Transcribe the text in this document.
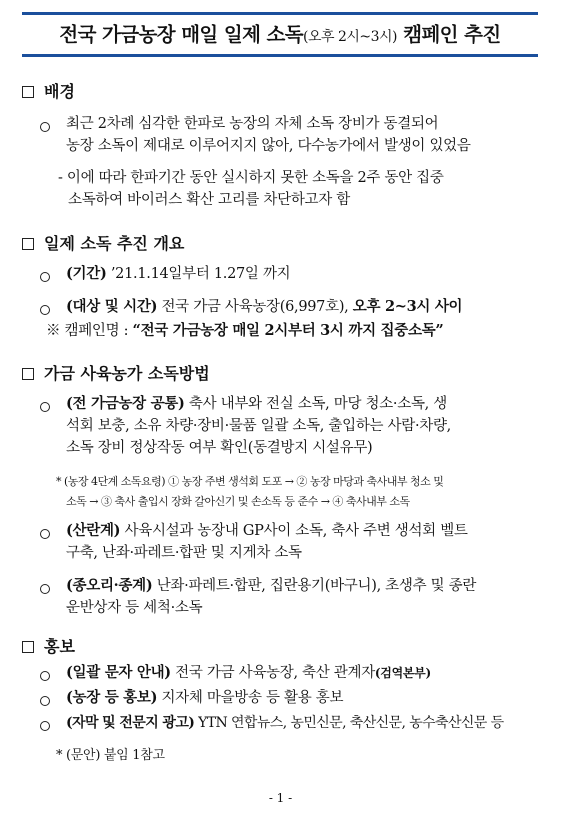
전국 가금농장 매일 일제 소독(오후 2시~3시) 캠페인 추진
배경
최근 2차례 심각한 한파로 농장의 자체 소독 장비가 동결되어
농장 소독이 제대로 이루어지지 않아, 다수농가에서 발생이 있었음
- 이에 따라 한파기간 동안 실시하지 못한 소독을 2주 동안 집중
소독하여 바이러스 확산 고리를 차단하고자 함
일제 소독 추진 개요
(기간) ’21.1.14일부터 1.27일 까지
(대상 및 시간) 전국 가금 사육농장(6,997호), 오후 2~3시 사이
※ 캠페인명 : “전국 가금농장 매일 2시부터 3시 까지 집중소독”
가금 사육농가 소독방법
(전 가금농장 공통) 축사 내부와 전실 소독, 마당 청소·소독, 생
석회 보충, 소유 차량·장비·물품 일괄 소독, 출입하는 사람·차량,
소독 장비 정상작동 여부 확인(동결방지 시설유무)
* (농장 4단계 소독요령) ① 농장 주변 생석회 도포 → ② 농장 마당과 축사내부 청소 및
소독 → ③ 축사 출입시 장화 갈아신기 및 손소독 등 준수 → ④ 축사내부 소독
(산란계) 사육시설과 농장내 GP사이 소독, 축사 주변 생석회 벨트
구축, 난좌·파레트·합판 및 지게차 소독
(종오리·종계) 난좌·파레트·합판, 집란용기(바구니), 초생추 및 종란
운반상자 등 세척·소독
홍보
(일괄 문자 안내) 전국 가금 사육농장, 축산 관계자(검역본부)
(농장 등 홍보) 지자체 마을방송 등 활용 홍보
(자막 및 전문지 광고) YTN 연합뉴스, 농민신문, 축산신문, 농수축산신문 등
* (문안) 붙임 1참고
- 1 -
